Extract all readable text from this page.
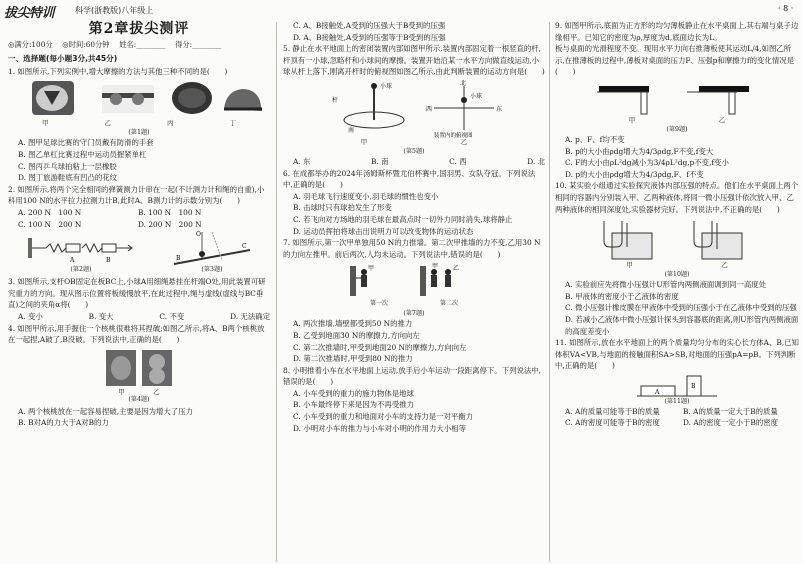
拔尖特训	科学(浙教版)八年级上	· 8 ·
第2章拔尖测评
◎满分:100分　 ◎时间:60分钟　 姓名:________　 得分:________
一、选择题(每小题3分,共45分)

1. 如图所示,下列实例中,增大摩擦的方法与其他三种不同的是(　　)

甲	乙	丙	丁
(第1题)

A. 图甲足球比赛的守门员戴有防滑的手套

B. 图乙单杠比赛过程中运动员握紧单杠

C. 图丙乒乓球拍粘上一层橡胶

D. 图丁旅游鞋底有凹凸的花纹

2. 如图所示,将两个完全相同的弹簧测力计串在一起(不计测力计和绳的自重),小科用100 N的水平拉力拉测力计B,此时A、B测力计的示数分别为(　　)

A. 200 N　100 N	B. 100 N　100 N
C. 100 N　200 N	D. 200 N　200 N
A	B
(第2题)
O
B
C
(第3题)

3. 如图所示,支杆OB固定在板BC上,小球A用细绳悬挂在杆端O处,用此装置可研究重力的方向。现从图示位置将板缓慢放平,在此过程中,绳与虚线(虚线与BC垂直)之间的夹角α将(　　)

A. 变小	B. 变大	C. 不变	D. 无法确定

4. 如图甲所示,用手握住一个核桃很难将其捏破;如图乙所示,将A、B两个核桃放在一起捏,A破了,B没破。下列说法中,正确的是(　　)

甲	乙
(第4题)

A. 两个核桃放在一起容易捏破,主要是因为增大了压力

B. B对A的力大于A对B的力

C. A、B接触处,A受到的压强大于B受到的压强

D. A、B接触处,A受到的压强等于B受到的压强

5. 静止在水平地面上的密闭装置内部如图甲所示,装置内部固定着一根竖直的杆,杆顶有一小球,忽略杆和小球间的摩擦。装置开始沿某一水平方向做直线运动,小球从杆上落下,刚离开杆时的俯视图如图乙所示,由此判断装置的运动方向是(　　)

南
杆
小球	北
西	东
小球
装置内的俯视图
甲	乙
(第5题)
A. 东	B. 南	C. 西	D. 北

6. 在成都举办的2024年汤姆斯杯暨尤伯杯赛中,国羽男、女队夺冠。下列说法中,正确的是(　　)

A. 羽毛球飞行速度变小,羽毛球的惯性也变小

B. 击球时只有球拍发生了形变

C. 若飞向对方场地的羽毛球在最高点时一切外力同时消失,球将静止

D. 运动员挥拍将球击出说明力可以改变物体的运动状态

7. 如图所示,第一次甲单独用50 N的力推墙。第二次甲推墙的力不变,乙用30 N的力向左推甲。前后两次,人均未运动。下列说法中,错误的是(　　)

甲	乙
甲
第一次	第二次
(第7题)

A. 两次推墙,墙壁都受到50 N的推力

B. 乙受到地面30 N的摩擦力,方向向左

C. 第二次推墙时,甲受到地面20 N的摩擦力,方向向左

D. 第二次推墙时,甲受到80 N的推力

8. 小明推着小车在水平地面上运动,放手后小车运动一段距离停下。下列说法中,错误的是(　　)

A. 小车受到的重力的施力物体是地球

B. 小车最终停下来是因为不再受推力

C. 小车受到的重力和地面对小车的支持力是一对平衡力

D. 小明对小车的推力与小车对小明的作用力大小相等

9. 如图甲所示,底面为正方形的均匀薄板静止在水平桌面上,其右端与桌子边缘相平。已知它的密度为ρ,厚度为d,底面边长为L。

板与桌面的光滑程度不变。现用水平力向右推薄板使其运动L/4,如图乙所示,在推薄板的过程中,薄板对桌面的压力F、压强p和摩擦力f的变化情况是(　　)

甲	乙
(第9题)

A. p、F、f均不变

B. p的大小由ρdg增大为4/3ρdg,F不变,f变大

C. F的大小由ρL²dg减小为3/4ρL²dg,p不变,f变小

D. p的大小由ρdg增大为4/3ρdg,F、f不变

10. 某实验小组通过实验探究液体内部压强的特点。他们在水平桌面上两个相同的容器内分别装入甲、乙两种液体,将同一微小压强计依次放入甲、乙两种液体的相同深度处,实验器材完好。下列说法中,不正确的是(　　)

甲	乙
(第10题)

A. 实验前应先将微小压强计U形管内两侧液面调到同一高度处

B. 甲液体的密度小于乙液体的密度

C. 微小压强计橡皮膜在甲液体中受到的压强小于在乙液体中受到的压强

D. 若减小乙液体中微小压强计探头到容器底的距离,则U形管内两侧液面的高度差变小

11. 如图所示,放在水平地面上的两个质量均匀分布的实心长方体A、B,已知体积VA<VB,与地面的接触面积SA>SB,对地面的压强pA=pB。下列判断中,正确的是(　　)

A
B
(第11题)
A. A的质量可能等于B的质量	B. A的质量一定大于B的质量
C. A的密度可能等于B的密度	D. A的密度一定小于B的密度
